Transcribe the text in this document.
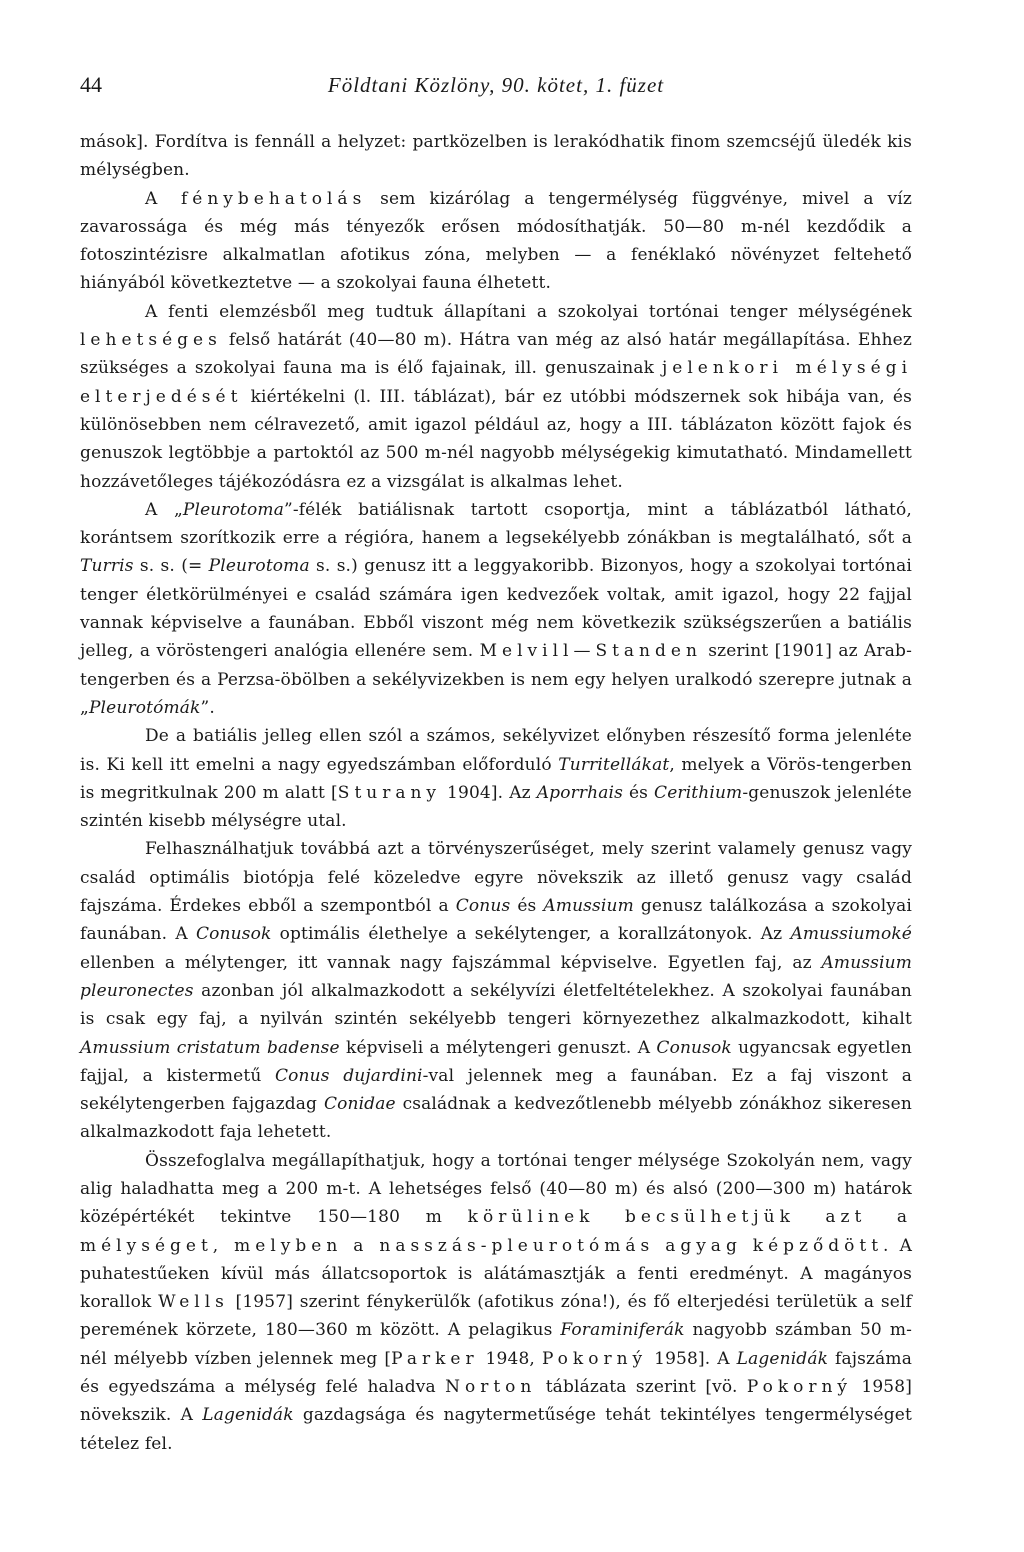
44	Földtani Közlöny, 90. kötet, 1. füzet

mások]. Fordítva is fennáll a helyzet: partközelben is lerakódhatik finom szemcséjű üledék kis mélységben.

A fénybehatolás sem kizárólag a tengermélység függvénye, mivel a víz zavarossága és még más tényezők erősen módosíthatják. 50—80 m-nél kezdődik a fotoszintézisre alkalmatlan afotikus zóna, melyben — a fenéklakó növényzet feltehető hiányából következtetve — a szokolyai fauna élhetett.

A fenti elemzésből meg tudtuk állapítani a szokolyai tortónai tenger mélységének lehetséges felső határát (40—80 m). Hátra van még az alsó határ megállapítása. Ehhez szükséges a szokolyai fauna ma is élő fajainak, ill. genuszainak jelenkori mélységi elterjedését kiértékelni (l. III. táblázat), bár ez utóbbi módszernek sok hibája van, és különösebben nem célravezető, amit igazol például az, hogy a III. táblázaton között fajok és genuszok legtöbbje a partoktól az 500 m-nél nagyobb mélységekig kimutatható. Mindamellett hozzávetőleges tájékozódásra ez a vizsgálat is alkalmas lehet.

A „Pleurotoma”-félék batiálisnak tartott csoportja, mint a táblázatból látható, korántsem szorítkozik erre a régióra, hanem a legsekélyebb zónákban is megtalálható, sőt a Turris s. s. (= Pleurotoma s. s.) genusz itt a leggyakoribb. Bizonyos, hogy a szokolyai tortónai tenger életkörülményei e család számára igen kedvezőek voltak, amit igazol, hogy 22 fajjal vannak képviselve a faunában. Ebből viszont még nem következik szükségszerűen a batiális jelleg, a vöröstengeri analógia ellenére sem. Melvill—Standen szerint [1901] az Arab-tengerben és a Perzsa-öbölben a sekélyvizekben is nem egy helyen uralkodó szerepre jutnak a „Pleurotómák”.

De a batiális jelleg ellen szól a számos, sekélyvizet előnyben részesítő forma jelenléte is. Ki kell itt emelni a nagy egyedszámban előforduló Turritellákat, melyek a Vörös-tengerben is megritkulnak 200 m alatt [Sturany 1904]. Az Aporrhais és Cerithium-genuszok jelenléte szintén kisebb mélységre utal.

Felhasználhatjuk továbbá azt a törvényszerűséget, mely szerint valamely genusz vagy család optimális biotópja felé közeledve egyre növekszik az illető genusz vagy család fajszáma. Érdekes ebből a szempontból a Conus és Amussium genusz találkozása a szokolyai faunában. A Conusok optimális élethelye a sekélytenger, a korallzátonyok. Az Amussiumoké ellenben a mélytenger, itt vannak nagy fajszámmal képviselve. Egyetlen faj, az Amussium pleuronectes azonban jól alkalmazkodott a sekélyvízi életfeltételekhez. A szokolyai faunában is csak egy faj, a nyilván szintén sekélyebb tengeri környezethez alkalmazkodott, kihalt Amussium cristatum badense képviseli a mélytengeri genuszt. A Conusok ugyancsak egyetlen fajjal, a kistermetű Conus dujardini-val jelennek meg a faunában. Ez a faj viszont a sekélytengerben fajgazdag Conidae családnak a kedvezőtlenebb mélyebb zónákhoz sikeresen alkalmazkodott faja lehetett.

Összefoglalva megállapíthatjuk, hogy a tortónai tenger mélysége Szokolyán nem, vagy alig haladhatta meg a 200 m-t. A lehetséges felső (40—80 m) és alsó (200—300 m) határok középértékét tekintve 150—180 m körülinek becsülhetjük azt a mélységet, melyben a nasszás-pleurotómás agyag képződött. A puhatestűeken kívül más állatcsoportok is alátámasztják a fenti eredményt. A magányos korallok Wells [1957] szerint fénykerülők (afotikus zóna!), és fő elterjedési területük a self peremének körzete, 180—360 m között. A pelagikus Foraminiferák nagyobb számban 50 m-nél mélyebb vízben jelennek meg [Parker 1948, Pokorný 1958]. A Lagenidák fajszáma és egyedszáma a mélység felé haladva Norton táblázata szerint [vö. Pokorný 1958] növekszik. A Lagenidák gazdagsága és nagytermetűsége tehát tekintélyes tengermélységet tételez fel.
